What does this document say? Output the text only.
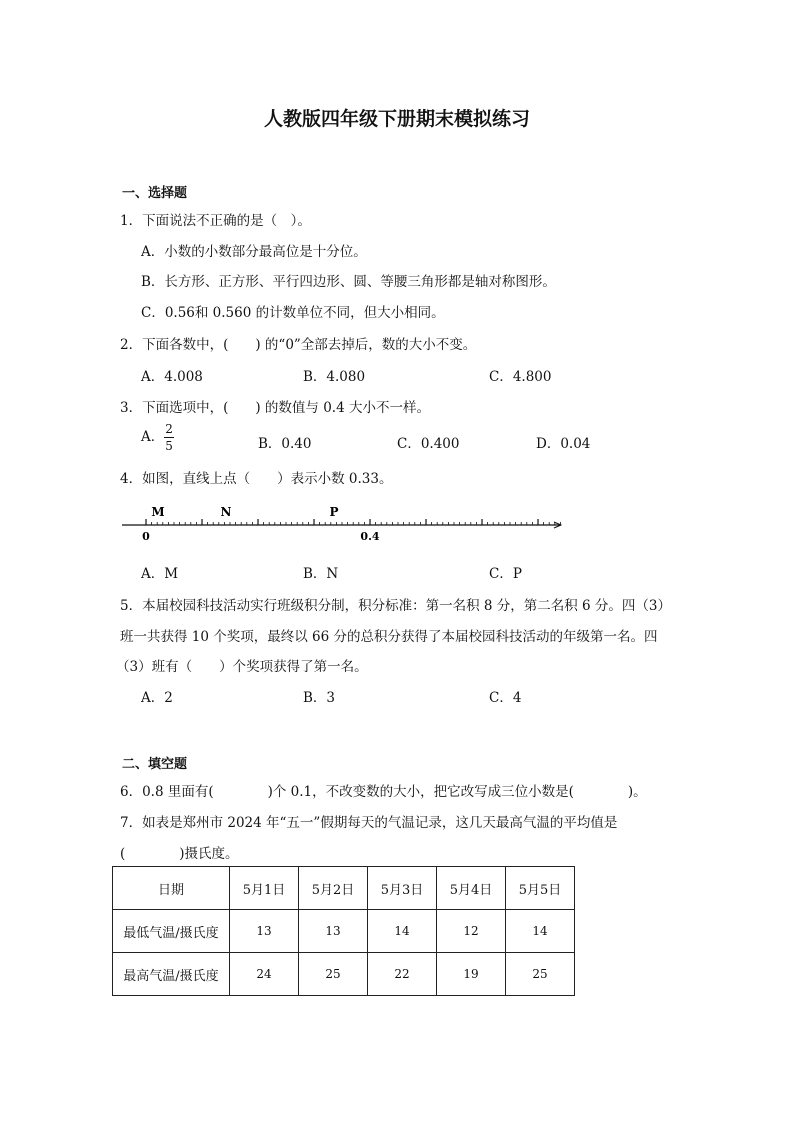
人教版四年级下册期末模拟练习
一、选择题
1．下面说法不正确的是（　）。
A．小数的小数部分最高位是十分位。
B．长方形、正方形、平行四边形、圆、等腰三角形都是轴对称图形。
C．0.56和 0.560 的计数单位不同，但大小相同。
2．下面各数中，(　　) 的“0”全部去掉后，数的大小不变。
A．4.008	B．4.080	C．4.800
3．下面选项中，(　　) 的数值与 0.4 大小不一样。
A． $\frac{2}{5}$	B．0.40	C．0.400	D．0.04
4．如图，直线上点（　　）表示小数 0.33。
M	N	P
0	0.4
A．M	B．N	C．P
5．本届校园科技活动实行班级积分制，积分标准：第一名积 8 分，第二名积 6 分。四（3）
班一共获得 10 个奖项，最终以 66 分的总积分获得了本届校园科技活动的年级第一名。四
（3）班有（　　）个奖项获得了第一名。
A．2	B．3	C．4
二、填空题
6．0.8 里面有(　　　　)个 0.1，不改变数的大小，把它改写成三位小数是(　　　　)。
7．如表是郑州市 2024 年“五一”假期每天的气温记录，这几天最高气温的平均值是
(　　　　)摄氏度。
日期	5月1日	5月2日	5月3日	5月4日	5月5日
最低气温/摄氏度	13	13	14	12	14
最高气温/摄氏度	24	25	22	19	25
